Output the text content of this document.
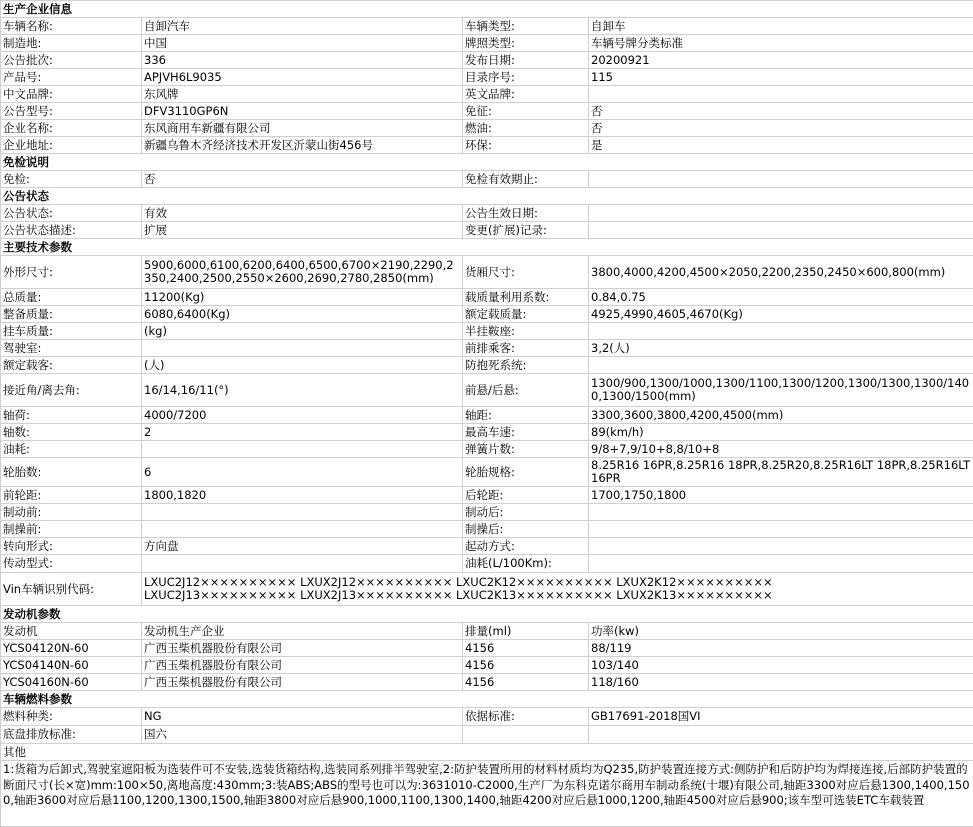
生产企业信息			
车辆名称:	自卸汽车	车辆类型:	自卸车
制造地:	中国	牌照类型:	车辆号牌分类标准
公告批次:	336	发布日期:	20200921
产品号:	APJVH6L9035	目录序号:	115
中文品牌:	东风牌	英文品牌:	
公告型号:	DFV3110GP6N	免征:	否
企业名称:	东风商用车新疆有限公司	燃油:	否
企业地址:	新疆乌鲁木齐经济技术开发区沂蒙山街456号	环保:	是
免检说明			
免检:	否	免检有效期止:	
公告状态			
公告状态:	有效	公告生效日期:	
公告状态描述:	扩展	变更(扩展)记录:	
主要技术参数			
外形尺寸:	5900,6000,6100,6200,6400,6500,6700×2190,2290,2350,2400,2500,2550×2600,2690,2780,2850(mm)	货厢尺寸:	3800,4000,4200,4500×2050,2200,2350,2450×600,800(mm)
总质量:	11200(Kg)	载质量利用系数:	0.84,0.75
整备质量:	6080,6400(Kg)	额定载质量:	4925,4990,4605,4670(Kg)
挂车质量:	(kg)	半挂鞍座:	
驾驶室:		前排乘客:	3,2(人)
额定载客:	(人)	防抱死系统:	
接近角/离去角:	16/14,16/11(°)	前悬/后悬:	1300/900,1300/1000,1300/1100,1300/1200,1300/1300,1300/1400,1300/1500(mm)
轴荷:	4000/7200	轴距:	3300,3600,3800,4200,4500(mm)
轴数:	2	最高车速:	89(km/h)
油耗:		弹簧片数:	9/8+7,9/10+8,8/10+8
轮胎数:	6	轮胎规格:	8.25R16 16PR,8.25R16 18PR,8.25R20,8.25R16LT 18PR,8.25R16LT 16PR
前轮距:	1800,1820	后轮距:	1700,1750,1800
制动前:		制动后:	
制操前:		制操后:	
转向形式:	方向盘	起动方式:	
传动型式:		油耗(L/100Km):	
Vin车辆识别代码:	LXUC2J12×××××××××× LXUX2J12×××××××××× LXUC2K12×××××××××× LXUX2K12××××××××××
LXUC2J13×××××××××× LXUX2J13×××××××××× LXUC2K13×××××××××× LXUX2K13××××××××××		

发动机参数			
发动机	发动机生产企业	排量(ml)	功率(kw)
YCS04120N-60	广西玉柴机器股份有限公司	4156	88/119
YCS04140N-60	广西玉柴机器股份有限公司	4156	103/140
YCS04160N-60	广西玉柴机器股份有限公司	4156	118/160
车辆燃料参数			
燃料种类:	NG	依据标准:	GB17691-2018国VI
底盘排放标准:	国六		
其他			
1:货箱为后卸式,驾驶室遮阳板为选装件可不安装,选装货箱结构,选装同系列排半驾驶室,2:防护装置所用的材料材质均为Q235,防护装置连接方式:侧防护和后防护均为焊接连接,后部防护装置的断面尺寸(长×宽)mm:100×50,离地高度:430mm;3:装ABS;ABS的型号也可以为:3631010-C2000,生产厂为东科克诺尔商用车制动系统(十堰)有限公司,轴距3300对应后悬1300,1400,1500,轴距3600对应后悬1100,1200,1300,1500,轴距3800对应后悬900,1000,1100,1300,1400,轴距4200对应后悬1000,1200,轴距4500对应后悬900;该车型可选装ETC车载装置			
